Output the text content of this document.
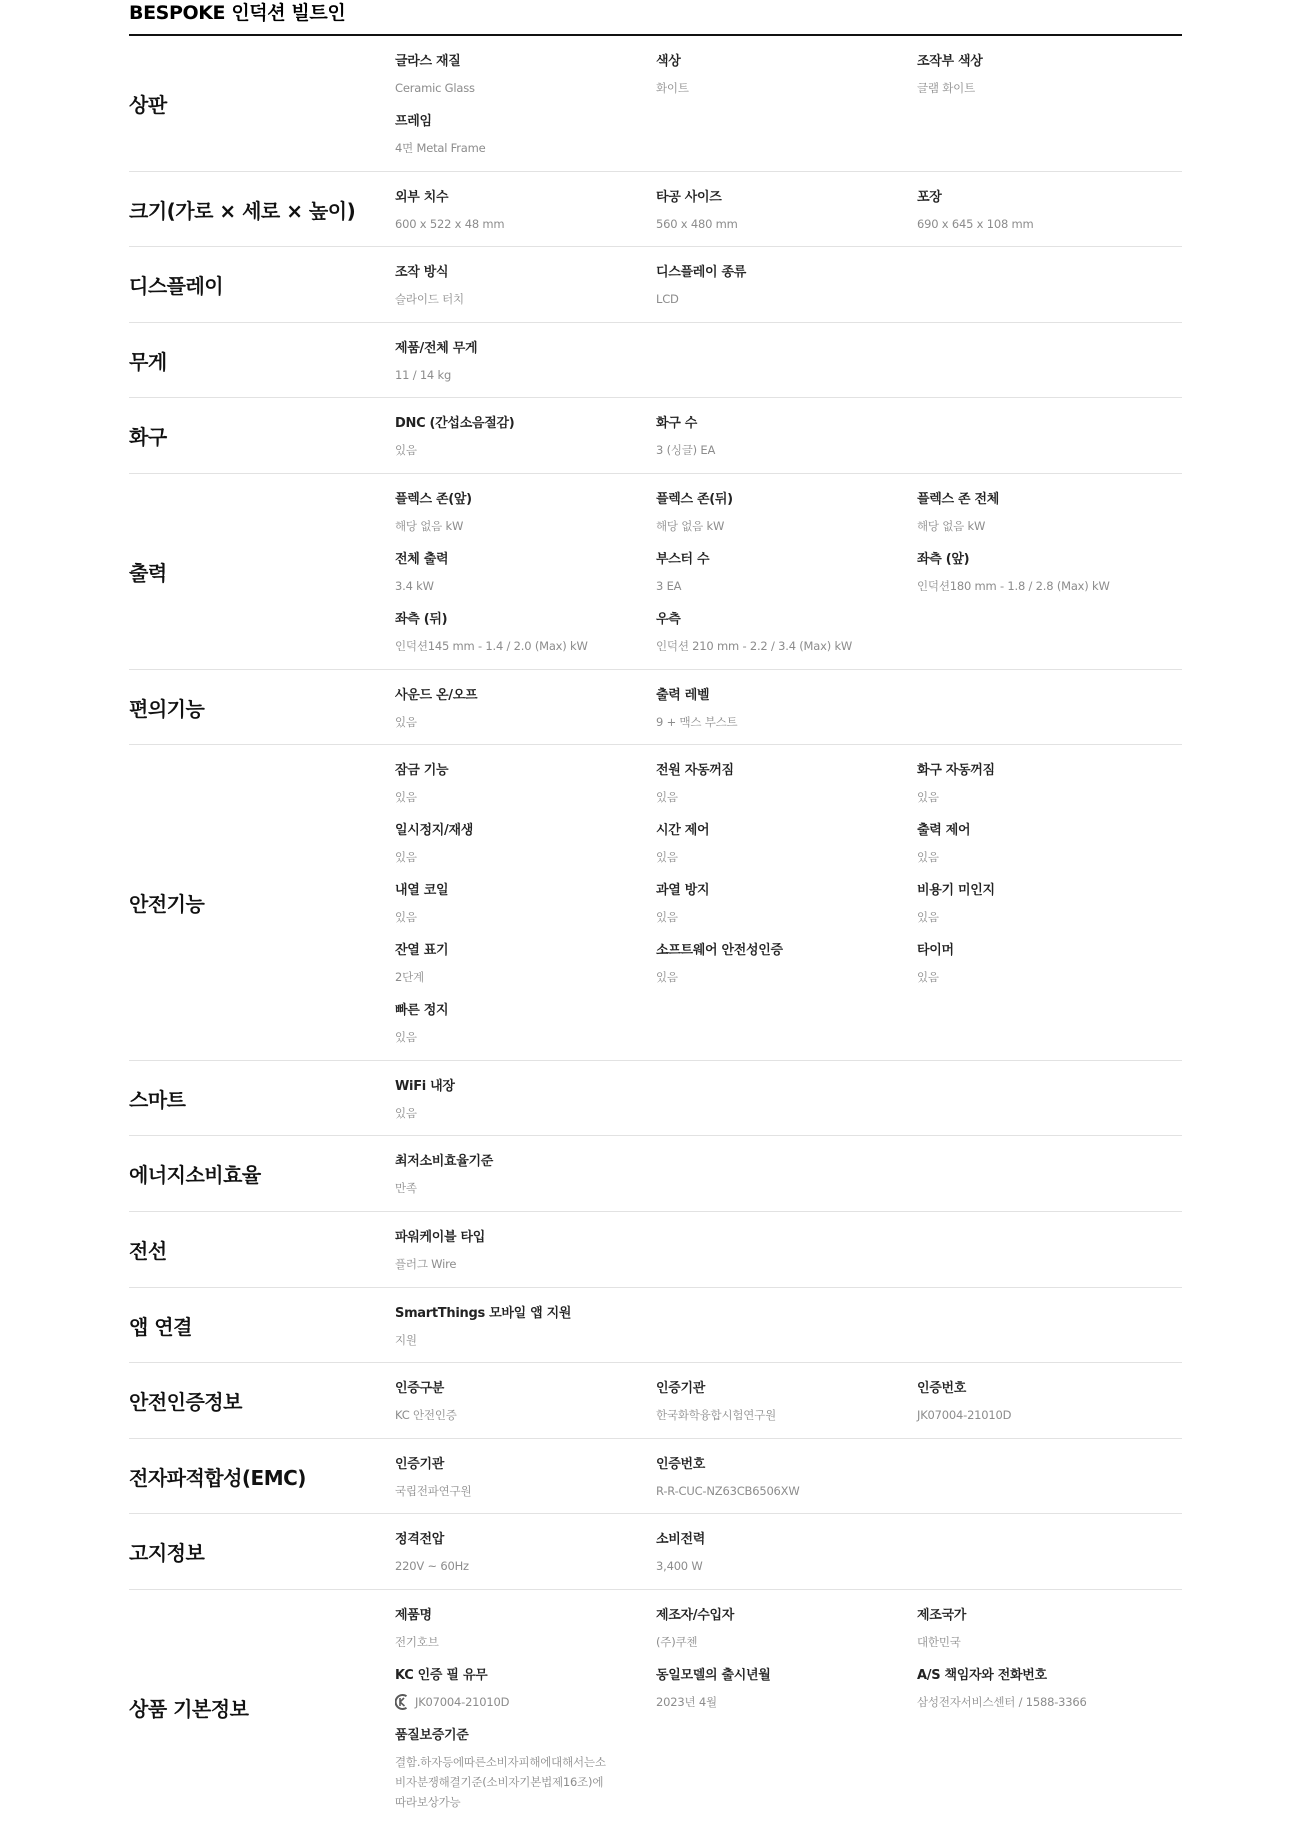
BESPOKE 인덕션 빌트인
상판
글라스 재질
Ceramic Glass
색상
화이트
조작부 색상
글램 화이트
프레임
4면 Metal Frame
크기(가로 × 세로 × 높이)
외부 치수
600 x 522 x 48 mm
타공 사이즈
560 x 480 mm
포장
690 x 645 x 108 mm
디스플레이
조작 방식
슬라이드 터치
디스플레이 종류
LCD
무게
제품/전체 무게
11 / 14 kg
화구
DNC (간섭소음절감)
있음
화구 수
3 (싱글) EA
출력
플렉스 존(앞)
해당 없음 kW
플렉스 존(뒤)
해당 없음 kW
플렉스 존 전체
해당 없음 kW
전체 출력
3.4 kW
부스터 수
3 EA
좌측 (앞)
인덕션180 mm - 1.8 / 2.8 (Max) kW
좌측 (뒤)
인덕션145 mm - 1.4 / 2.0 (Max) kW
우측
인덕션 210 mm - 2.2 / 3.4 (Max) kW
편의기능
사운드 온/오프
있음
출력 레벨
9 + 맥스 부스트
안전기능
잠금 기능
있음
전원 자동꺼짐
있음
화구 자동꺼짐
있음
일시정지/재생
있음
시간 제어
있음
출력 제어
있음
내열 코일
있음
과열 방지
있음
비용기 미인지
있음
잔열 표기
2단계
소프트웨어 안전성인증
있음
타이머
있음
빠른 정지
있음
스마트
WiFi 내장
있음
에너지소비효율
최저소비효율기준
만족
전선
파워케이블 타입
플러그 Wire
앱 연결
SmartThings 모바일 앱 지원
지원
안전인증정보
인증구분
KC 안전인증
인증기관
한국화학융합시험연구원
인증번호
JK07004-21010D
전자파적합성(EMC)
인증기관
국립전파연구원
인증번호
R-R-CUC-NZ63CB6506XW
고지정보
정격전압
220V ~ 60Hz
소비전력
3,400 W
상품 기본정보
제품명
전기호브
제조자/수입자
(주)쿠첸
제조국가
대한민국
KC 인증 필 유무
JK07004-21010D
동일모델의 출시년월
2023년 4월
A/S 책임자와 전화번호
삼성전자서비스센터 / 1588-3366
품질보증기준
결함.하자등에따른소비자피해에대해서는소
비자분쟁해결기준(소비자기본법제16조)에
따라보상가능
